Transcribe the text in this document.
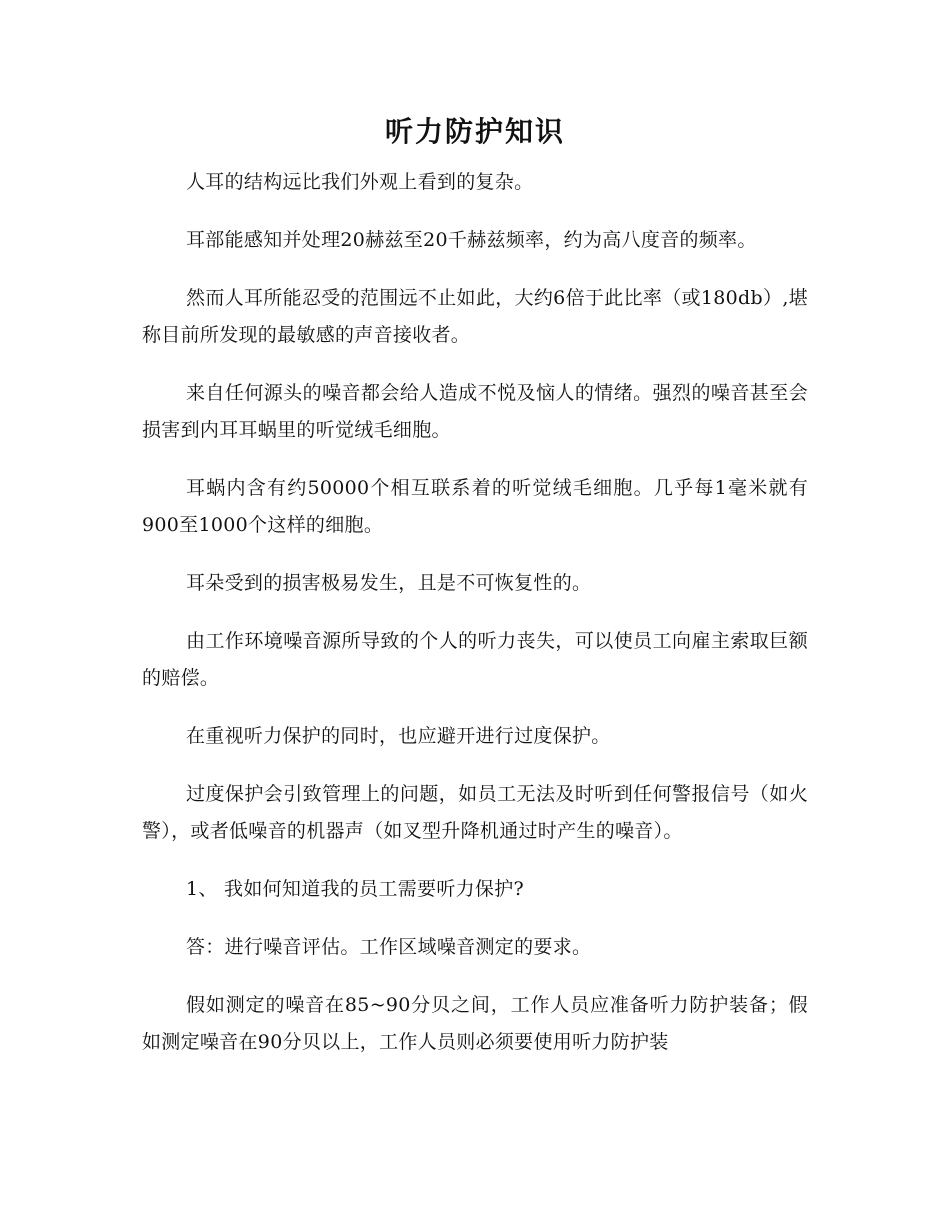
听力防护知识

人耳的结构远比我们外观上看到的复杂。

耳部能感知并处理20赫兹至20千赫兹频率，约为高八度音的频率。

然而人耳所能忍受的范围远不止如此，大约6倍于此比率（或180db）,堪称目前所发现的最敏感的声音接收者。

来自任何源头的噪音都会给人造成不悦及恼人的情绪。强烈的噪音甚至会损害到内耳耳蜗里的听觉绒毛细胞。

耳蜗内含有约50000个相互联系着的听觉绒毛细胞。几乎每1毫米就有900至1000个这样的细胞。

耳朵受到的损害极易发生，且是不可恢复性的。

由工作环境噪音源所导致的个人的听力丧失，可以使员工向雇主索取巨额的赔偿。

在重视听力保护的同时，也应避开进行过度保护。

过度保护会引致管理上的问题，如员工无法及时听到任何警报信号（如火警），或者低噪音的机器声（如叉型升降机通过时产生的噪音）。

1、 我如何知道我的员工需要听力保护?

答：进行噪音评估。工作区域噪音测定的要求。

假如测定的噪音在85~90分贝之间，工作人员应准备听力防护装备；假如测定噪音在90分贝以上，工作人员则必须要使用听力防护装
